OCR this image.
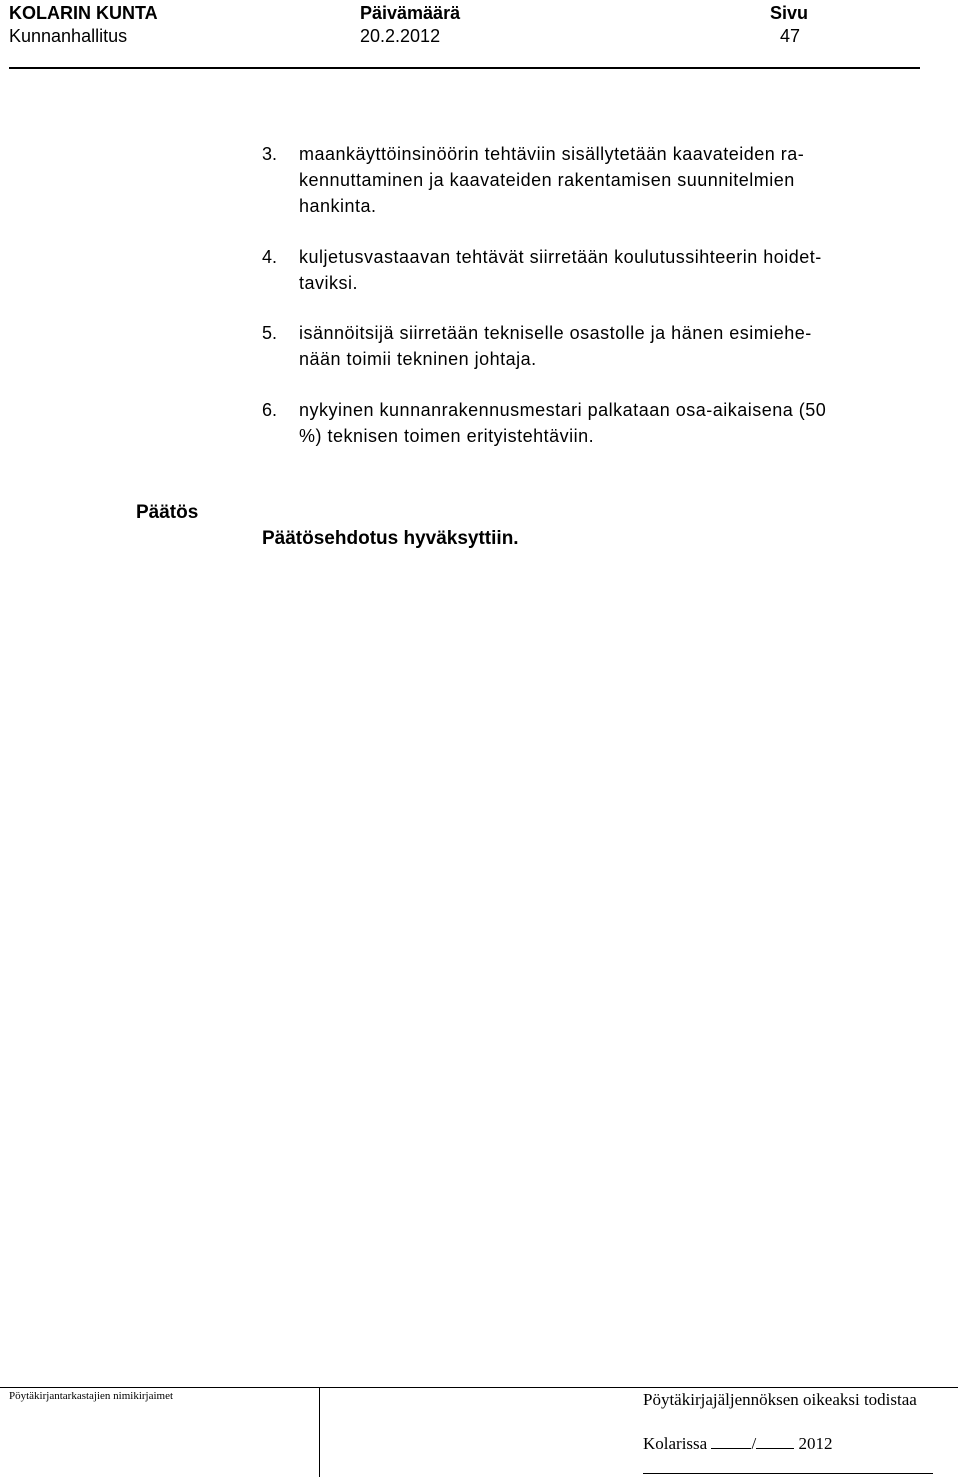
KOLARIN KUNTA
Kunnanhallitus
Päivämäärä
20.2.2012
Sivu
47
3. maankäyttöinsinöörin tehtäviin sisällytetään kaavateiden ra-
kennuttaminen ja kaavateiden rakentamisen suunnitelmien
hankinta.
4. kuljetusvastaavan tehtävät siirretään koulutussihteerin hoidet-
taviksi.
5. isännöitsijä siirretään tekniselle osastolle ja hänen esimiehe-
nään toimii tekninen johtaja.
6. nykyinen kunnanrakennusmestari palkataan osa-aikaisena (50
%) teknisen toimen erityistehtäviin.
Päätös
Päätösehdotus hyväksyttiin.
Pöytäkirjantarkastajien nimikirjaimet	Pöytäkirjajäljennöksen oikeaksi todistaa
Kolarissa	/ 2012
